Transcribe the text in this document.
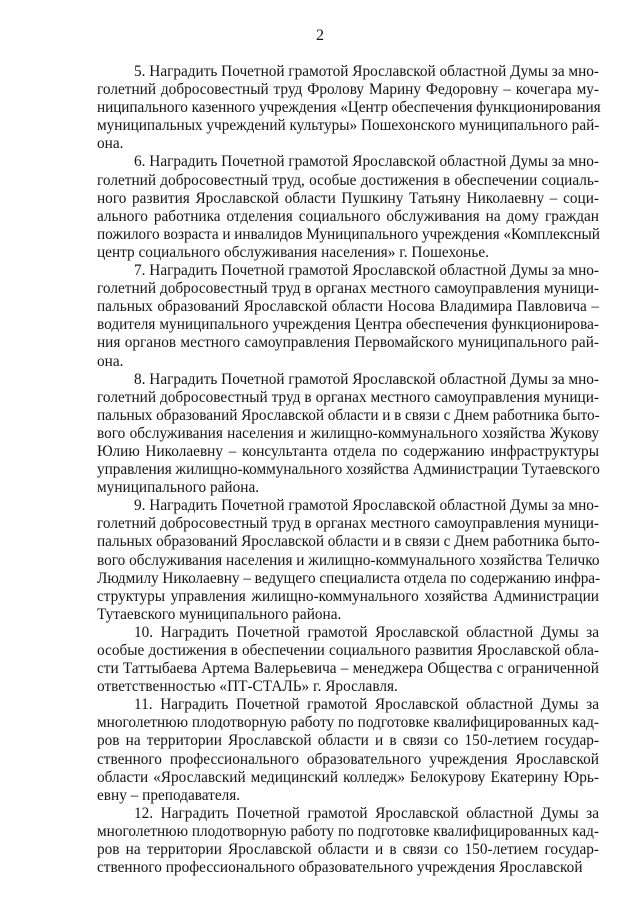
2
5. Наградить Почетной грамотой Ярославской областной Думы за мно-
голетний добросовестный труд Фролову Марину Федоровну – кочегара му-
ниципального казенного учреждения «Центр обеспечения функционирования
муниципальных учреждений культуры» Пошехонского муниципального рай-
она.
6. Наградить Почетной грамотой Ярославской областной Думы за мно-
голетний добросовестный труд, особые достижения в обеспечении социаль-
ного развития Ярославской области Пушкину Татьяну Николаевну – соци-
ального работника отделения социального обслуживания на дому граждан
пожилого возраста и инвалидов Муниципального учреждения «Комплексный
центр социального обслуживания населения» г. Пошехонье.
7. Наградить Почетной грамотой Ярославской областной Думы за мно-
голетний добросовестный труд в органах местного самоуправления муници-
пальных образований Ярославской области Носова Владимира Павловича –
водителя муниципального учреждения Центра обеспечения функционирова-
ния органов местного самоуправления Первомайского муниципального рай-
она.
8. Наградить Почетной грамотой Ярославской областной Думы за мно-
голетний добросовестный труд в органах местного самоуправления муници-
пальных образований Ярославской области и в связи с Днем работника быто-
вого обслуживания населения и жилищно-коммунального хозяйства Жукову
Юлию Николаевну – консультанта отдела по содержанию инфраструктуры
управления жилищно-коммунального хозяйства Администрации Тутаевского
муниципального района.
9. Наградить Почетной грамотой Ярославской областной Думы за мно-
голетний добросовестный труд в органах местного самоуправления муници-
пальных образований Ярославской области и в связи с Днем работника быто-
вого обслуживания населения и жилищно-коммунального хозяйства Теличко
Людмилу Николаевну – ведущего специалиста отдела по содержанию инфра-
структуры управления жилищно-коммунального хозяйства Администрации
Тутаевского муниципального района.
10. Наградить Почетной грамотой Ярославской областной Думы за
особые достижения в обеспечении социального развития Ярославской обла-
сти Таттыбаева Артема Валерьевича – менеджера Общества с ограниченной
ответственностью «ПТ-СТАЛЬ» г. Ярославля.
11. Наградить Почетной грамотой Ярославской областной Думы за
многолетнюю плодотворную работу по подготовке квалифицированных кад-
ров на территории Ярославской области и в связи со 150-летием государ-
ственного профессионального образовательного учреждения Ярославской
области «Ярославский медицинский колледж» Белокурову Екатерину Юрь-
евну – преподавателя.
12. Наградить Почетной грамотой Ярославской областной Думы за
многолетнюю плодотворную работу по подготовке квалифицированных кад-
ров на территории Ярославской области и в связи со 150-летием государ-
ственного профессионального образовательного учреждения Ярославской
